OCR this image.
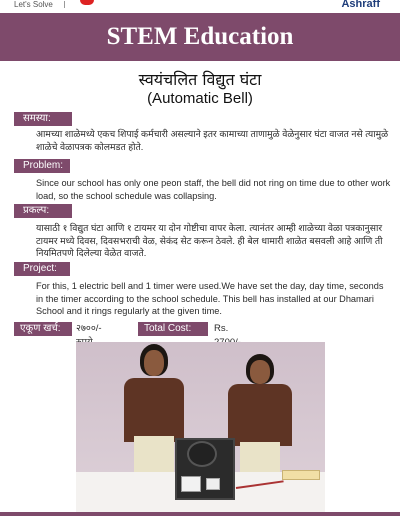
Let's Solve	Ashraff
STEM Education
स्वयंचलित विद्युत घंटा
(Automatic Bell)
समस्या:
आमच्या शाळेमध्ये एकच शिपाई कर्मचारी असल्याने इतर कामाच्या ताणामुळे वेळेनुसार घंटा वाजत नसे त्यामुळे शाळेचे वेळापत्रक कोलमडत होते.
Problem:
Since our school has only one peon staff, the bell did not ring on time due to other work load, so the school schedule was collapsing.
प्रकल्प:
यासाठी १ विद्युत घंटा आणि १ टायमर या दोन गोष्टीचा वापर केला. त्यानंतर आम्ही शाळेच्या वेळा पत्रकानुसार टायमर मध्ये दिवस, दिवसभराची वेळ, सेकंद सेट करून ठेवले. ही बेल धामारी शाळेत बसवली आहे आणि ती नियमितपणे दिलेल्या वेळेत वाजते.
Project:
For this, 1 electric bell and 1 timer were used.We have set the day, day time, seconds in the timer according to the school schedule. This bell has installed at our Dhamari School and it rings regularly at the given time.
एकूण खर्च:	२७००/-	Total Cost:	Rs.
